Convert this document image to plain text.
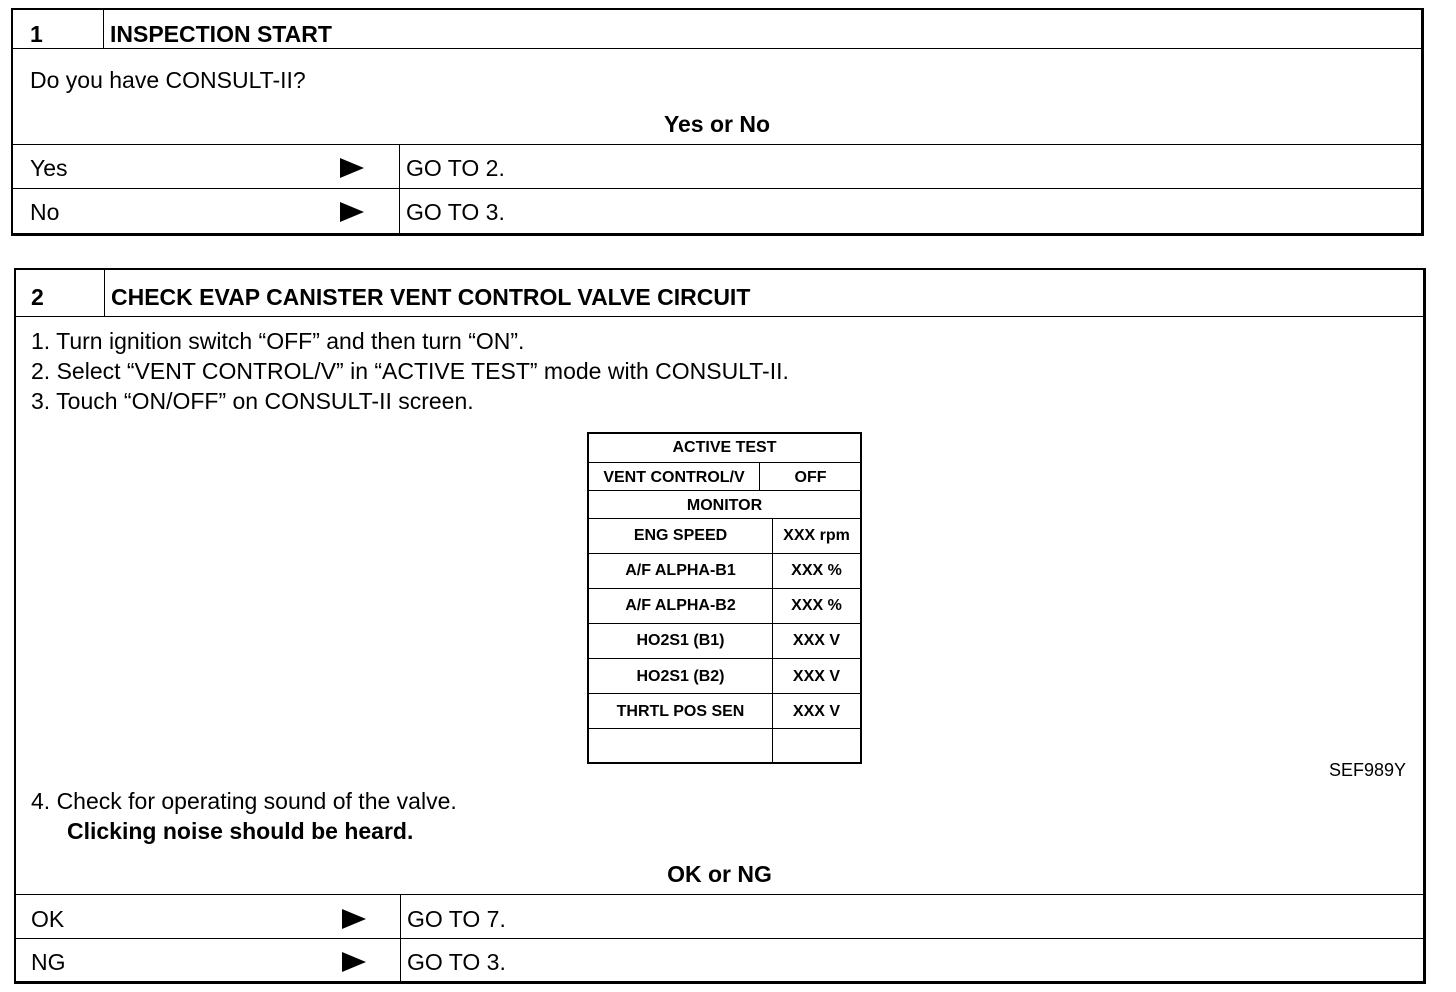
1	INSPECTION START
Do you have CONSULT-II?
Yes or No
Yes	GO TO 2.
No	GO TO 3.
2	CHECK EVAP CANISTER VENT CONTROL VALVE CIRCUIT
1. Turn ignition switch “OFF” and then turn “ON”.
2. Select “VENT CONTROL/V” in “ACTIVE TEST” mode with CONSULT-II.
3. Touch “ON/OFF” on CONSULT-II screen.
SEF989Y
4. Check for operating sound of the valve.
Clicking noise should be heard.
OK or NG
OK	GO TO 7.
NG	GO TO 3.
ACTIVE TEST
VENT CONTROL/V	OFF
MONITOR
ENG SPEED	XXX rpm
A/F ALPHA-B1	XXX %
A/F ALPHA-B2	XXX %
HO2S1 (B1)	XXX V
HO2S1 (B2)	XXX V
THRTL POS SEN	XXX V
